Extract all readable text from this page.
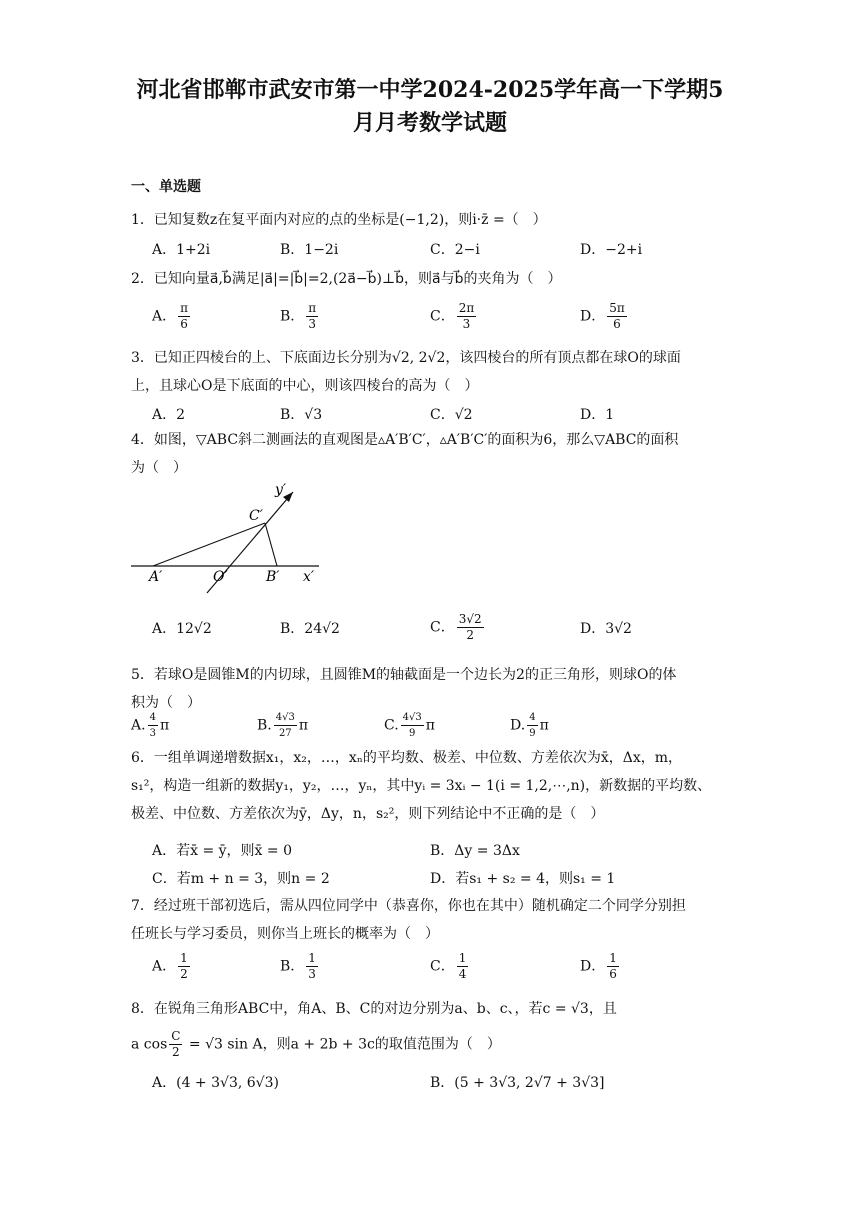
河北省邯郸市武安市第一中学2024-2025学年高一下学期5
月月考数学试题
一、单选题
1．已知复数z在复平面内对应的点的坐标是(−1,2)，则i·z̄ =（　）
A．1+2i	B．1−2i	C．2−i	D．−2+i
2．已知向量a⃗,b⃗满足|a⃗|=|b⃗|=2,(2a⃗−b⃗)⊥b⃗，则a⃗与b⃗的夹角为（　）
A． $\frac{\pi}{6}$	B． $\frac{\pi}{3}$	C． $\frac{2\pi}{3}$	D． $\frac{5\pi}{6}$
3．已知正四棱台的上、下底面边长分别为√2, 2√2，该四棱台的所有顶点都在球O的球面
上，且球心O是下底面的中心，则该四棱台的高为（　）
A．2	B．√3	C．√2	D．1
4．如图，▽ABC斜二测画法的直观图是▵A′B′C′，▵A′B′C′的面积为6，那么▽ABC的面积
为（　）
y′
C′
A′	O′	B′ x′
A．12√2	B．24√2	C． $\frac{3√2}{2}$	D．3√2
5．若球O是圆锥M的内切球，且圆锥M的轴截面是一个边长为2的正三角形，则球O的体
积为（　）
A. $\frac{4}{3}$ π	B. $\frac{4√3}{27}$ π	C. $\frac{4√3}{9}$ π	D. $\frac{4}{9}$ π
6．一组单调递增数据x₁，x₂，…，xₙ的平均数、极差、中位数、方差依次为x̄，Δx，m，
s₁²，构造一组新的数据y₁，y₂，…，yₙ，其中yᵢ = 3xᵢ − 1(i = 1,2,⋯,n)，新数据的平均数、
极差、中位数、方差依次为ȳ，Δy，n，s₂²，则下列结论中不正确的是（　）
A．若x̄ = ȳ，则x̄ = 0	B．Δy = 3Δx
C．若m + n = 3，则n = 2	D．若s₁ + s₂ = 4，则s₁ = 1
7．经过班干部初选后，需从四位同学中（恭喜你，你也在其中）随机确定二个同学分别担
任班长与学习委员，则你当上班长的概率为（　）
A． $\frac{1}{2}$	B． $\frac{1}{3}$	C． $\frac{1}{4}$	D． $\frac{1}{6}$
8．在锐角三角形ABC中，角A、B、C的对边分别为a、b、c、，若c = √3，且
a $\cos \frac{C}{2} = √3$ sin A，则a + 2b + 3c的取值范围为（　）
A．(4 + 3√3, 6√3)	B．(5 + 3√3, 2√7 + 3√3]
